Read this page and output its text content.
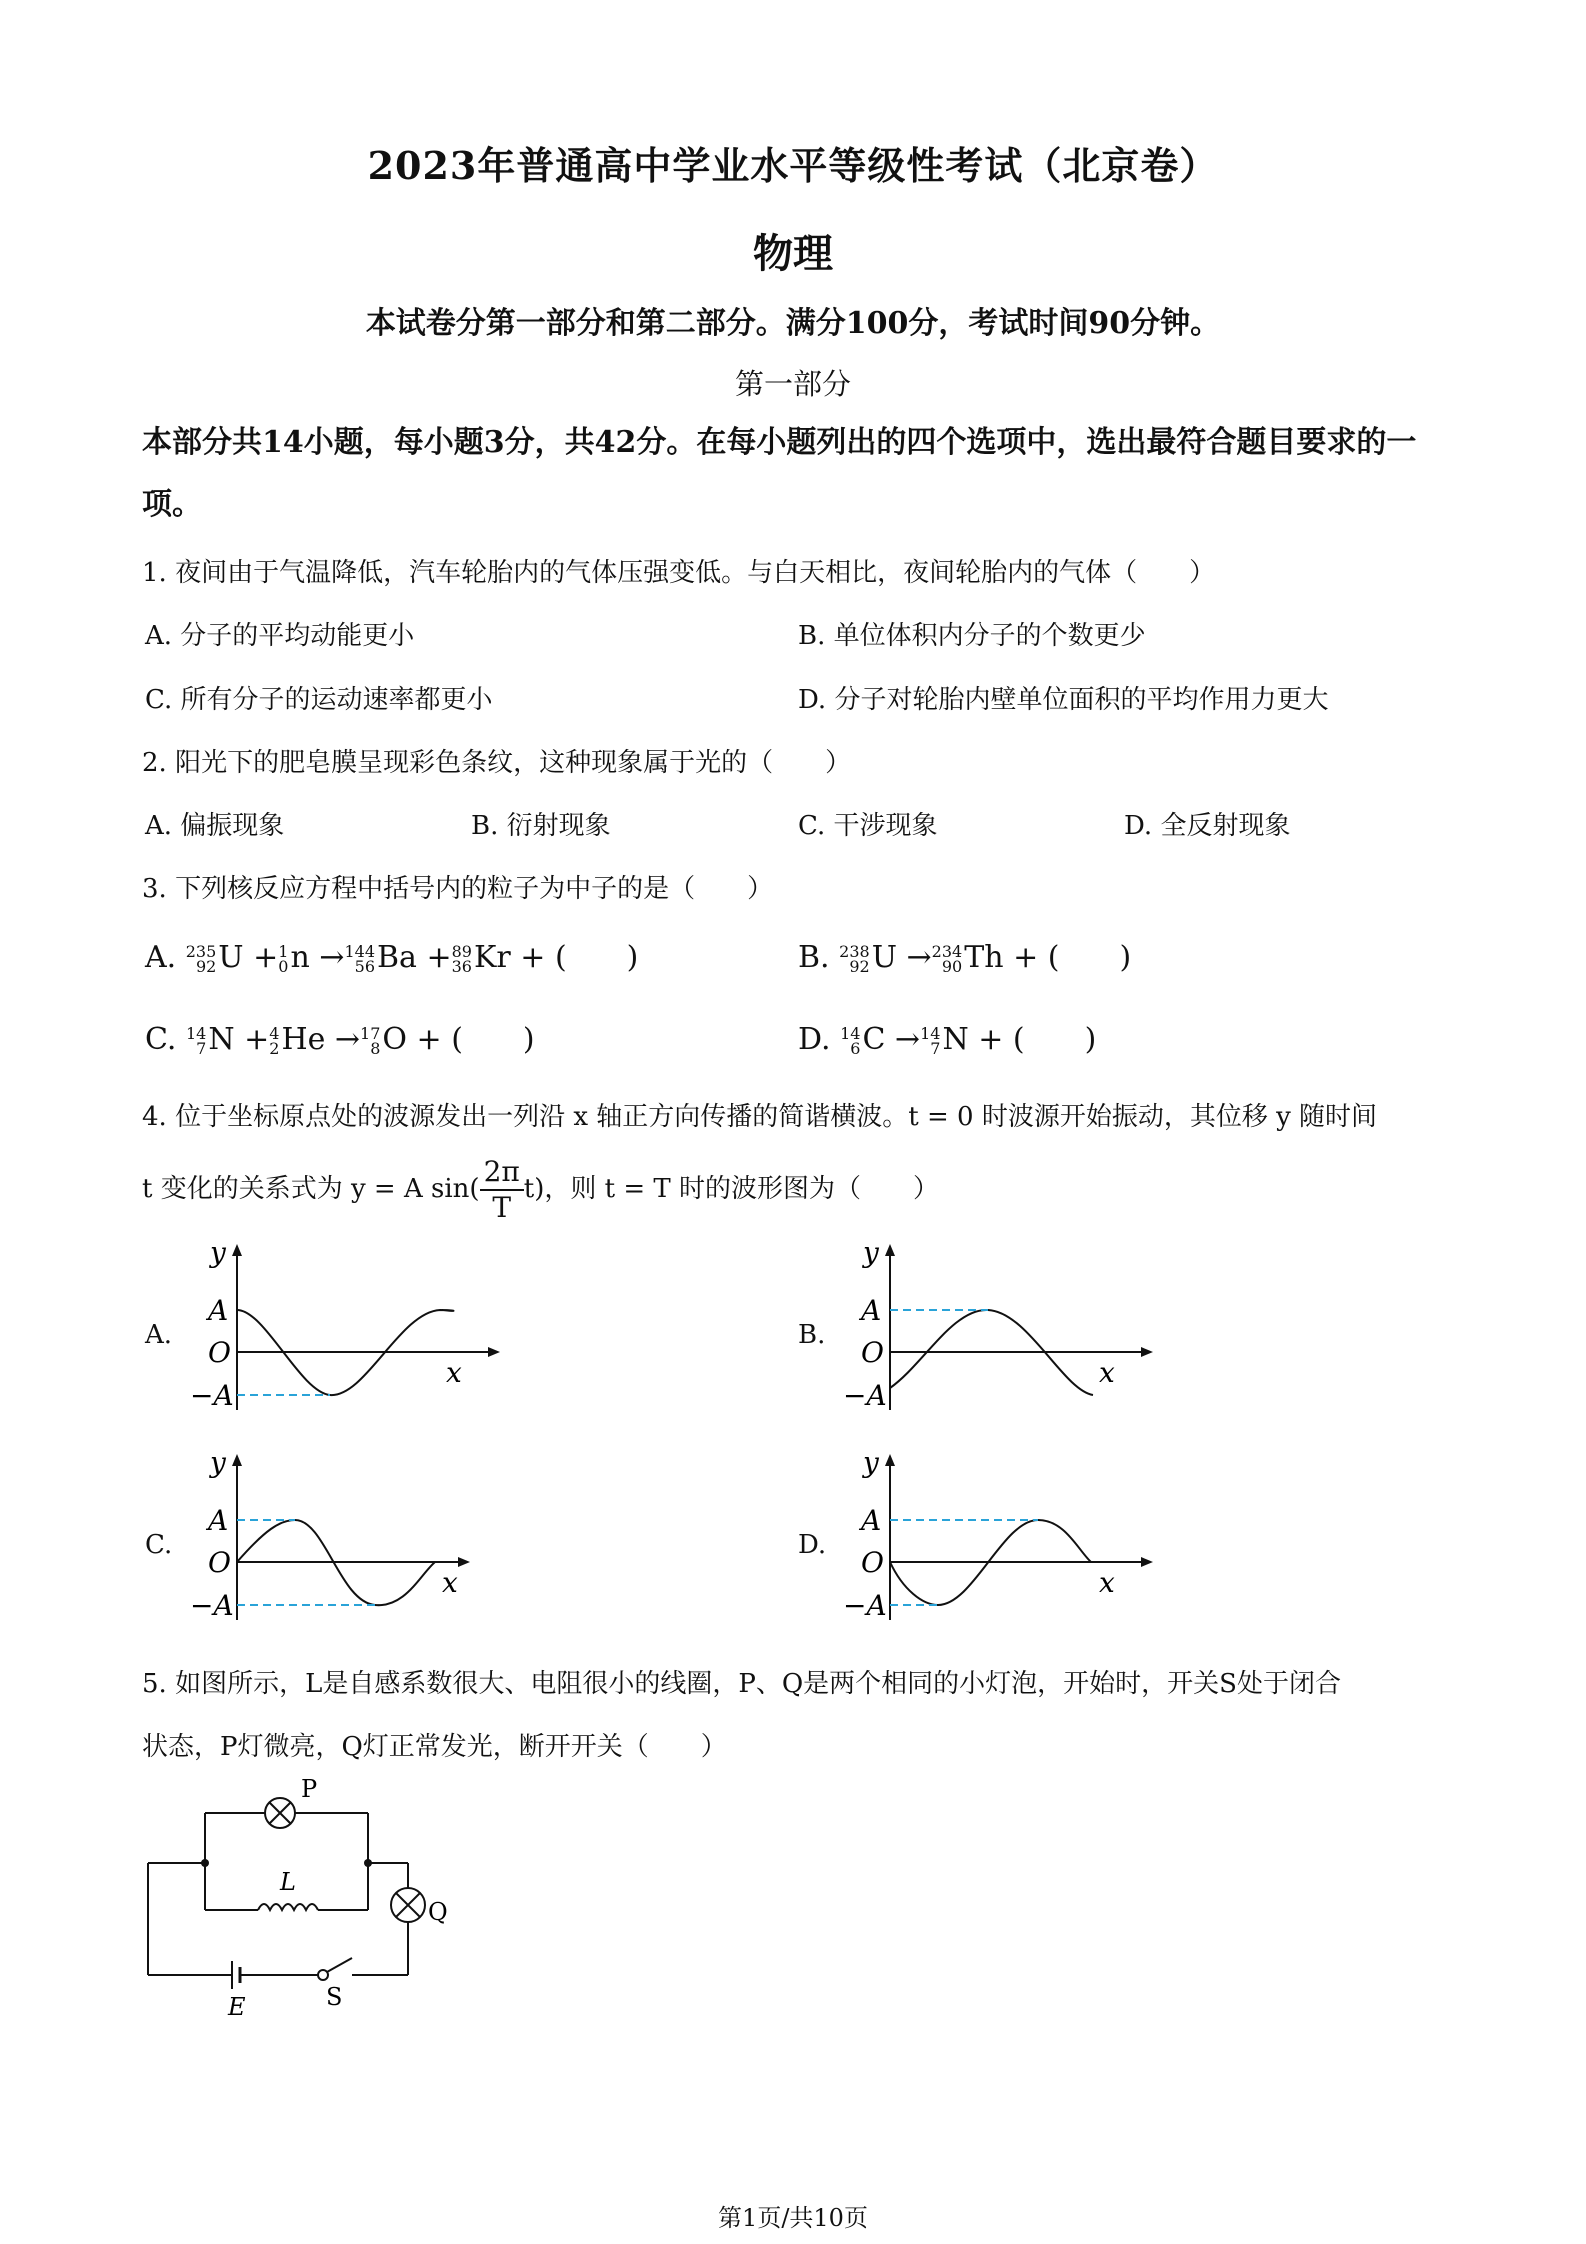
2023年普通高中学业水平等级性考试（北京卷）
物理
本试卷分第一部分和第二部分。满分100分，考试时间90分钟。
第一部分
本部分共14小题，每小题3分，共42分。在每小题列出的四个选项中，选出最符合题目要求的一项。
1. 夜间由于气温降低，汽车轮胎内的气体压强变低。与白天相比，夜间轮胎内的气体（　　）
A. 分子的平均动能更小	B. 单位体积内分子的个数更少
C. 所有分子的运动速率都更小	D. 分子对轮胎内壁单位面积的平均作用力更大
2. 阳光下的肥皂膜呈现彩色条纹，这种现象属于光的（　　）
A. 偏振现象	B. 衍射现象	C. 干涉现象	D. 全反射现象
3. 下列核反应方程中括号内的粒子为中子的是（　　）
A. 235
92 U + 1
0 n → 144
56 Ba + 89
36 Kr + (　　)	B. 238
92 U → 234
90 Th + (　　)
C. 14
7 N + 4
2 He → 17
8 O + (　　)	D. 14
6 C → 14
7 N + (　　)
4. 位于坐标原点处的波源发出一列沿 x 轴正方向传播的简谐横波。t = 0 时波源开始振动，其位移 y 随时间
t 变化的关系式为 y = A $\sin( \frac{2\pi}{T} t)$，则 t = T 时的波形图为（　　）
A.	B.
C.	D.
y
A
O
−A
x
y
A
O
−A
x
y
A
O
−A
x
y
A
O
−A
x
5. 如图所示，L是自感系数很大、电阻很小的线圈，P、Q是两个相同的小灯泡，开始时，开关S处于闭合
状态，P灯微亮，Q灯正常发光，断开开关（　　）
P
L
Q
E	S
第1页/共10页
